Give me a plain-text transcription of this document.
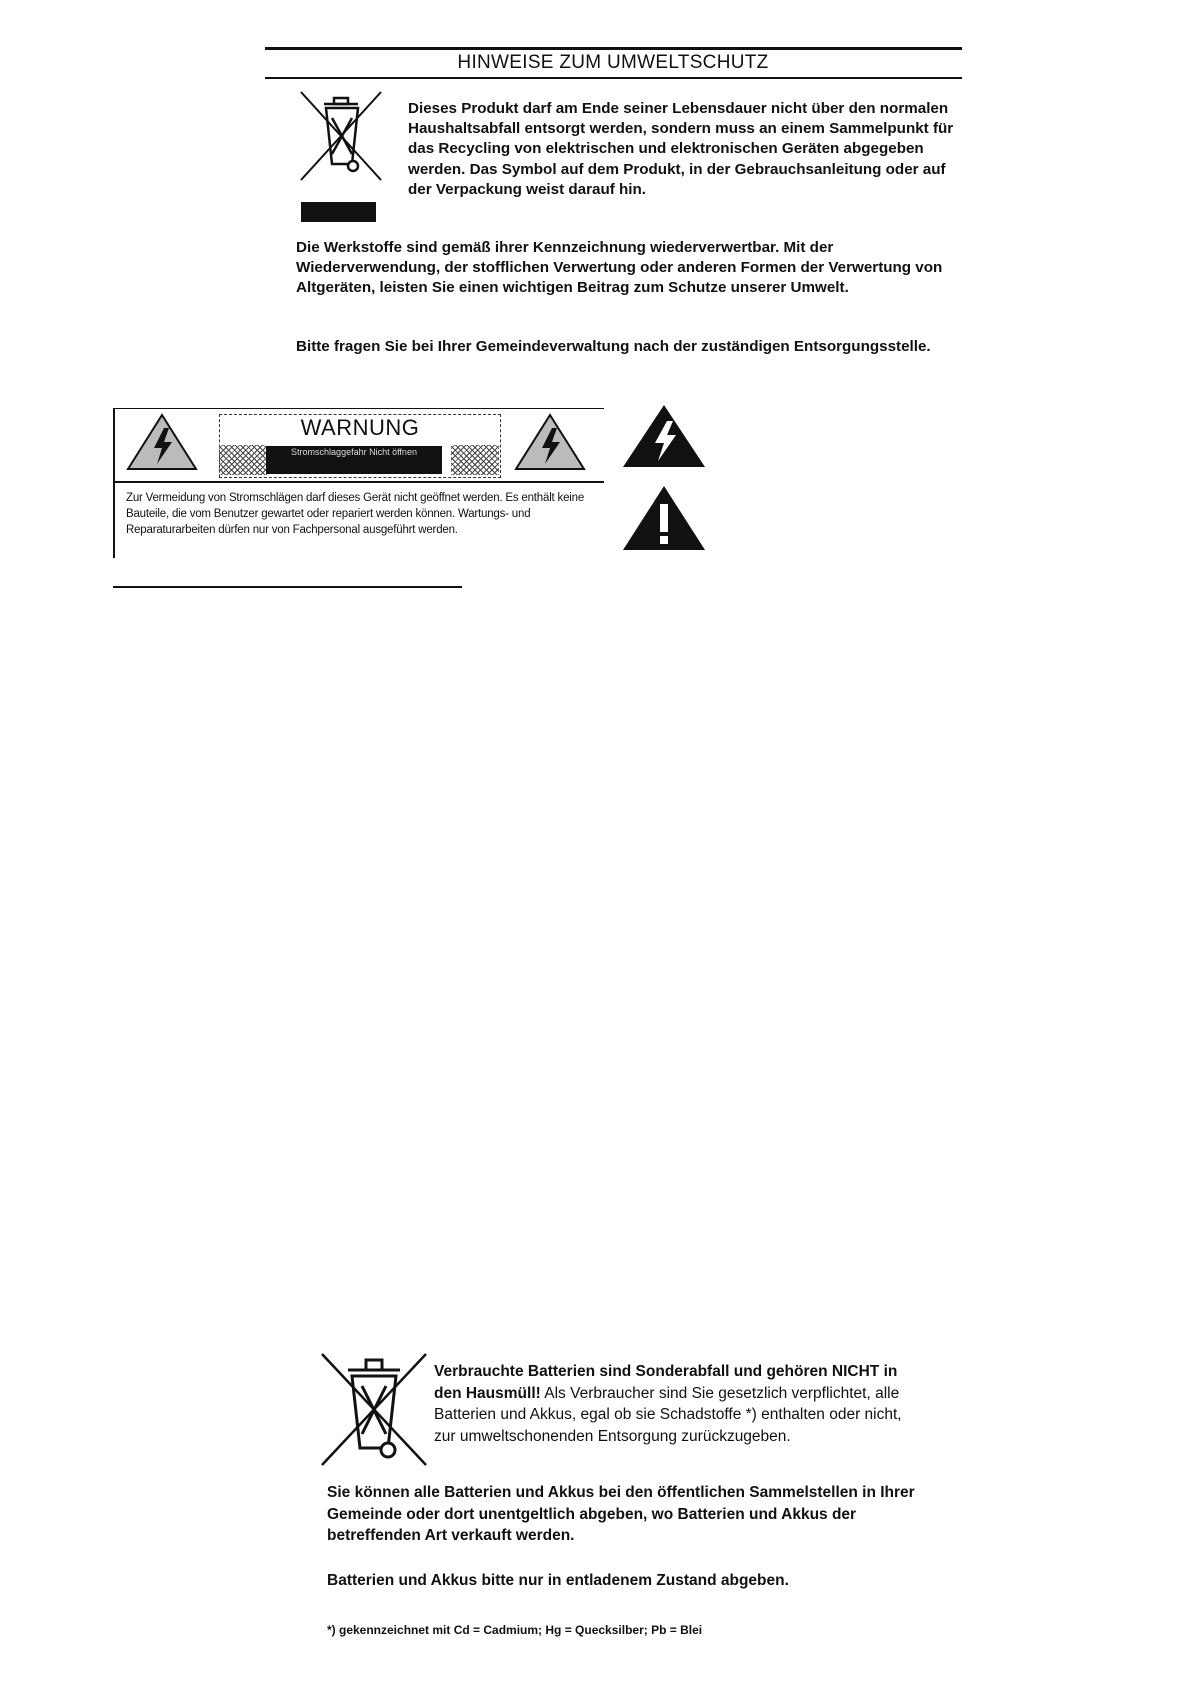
HINWEISE ZUM UMWELTSCHUTZ
Dieses Produkt darf am Ende seiner Lebensdauer nicht über den normalen Haushaltsabfall entsorgt werden, sondern muss an einem Sammelpunkt für das Recycling von elektrischen und elektronischen Geräten abgegeben werden. Das Symbol auf dem Produkt, in der Gebrauchsanleitung oder auf der Verpackung weist darauf hin.
Die Werkstoffe sind gemäß ihrer Kennzeichnung wiederverwertbar. Mit der Wiederverwendung, der stofflichen Verwertung oder anderen Formen der Verwertung von Altgeräten, leisten Sie einen wichtigen Beitrag zum Schutze unserer Umwelt.
Bitte fragen Sie bei Ihrer Gemeindeverwaltung nach der zuständigen Entsorgungsstelle.
WARNUNG
Stromschlaggefahr Nicht öffnen
Zur Vermeidung von Stromschlägen darf dieses Gerät nicht geöffnet werden. Es enthält keine Bauteile, die vom Benutzer gewartet oder repariert werden können. Wartungs- und Reparaturarbeiten dürfen nur von Fachpersonal ausgeführt werden.
Verbrauchte Batterien sind Sonderabfall und gehören NICHT in den Hausmüll! Als Verbraucher sind Sie gesetzlich verpflichtet, alle Batterien und Akkus, egal ob sie Schadstoffe *) enthalten oder nicht, zur umweltschonenden Entsorgung zurückzugeben.
Sie können alle Batterien und Akkus bei den öffentlichen Sammelstellen in Ihrer Gemeinde oder dort unentgeltlich abgeben, wo Batterien und Akkus der betreffenden Art verkauft werden.
Batterien und Akkus bitte nur in entladenem Zustand abgeben.
*) gekennzeichnet mit Cd = Cadmium; Hg = Quecksilber; Pb = Blei
